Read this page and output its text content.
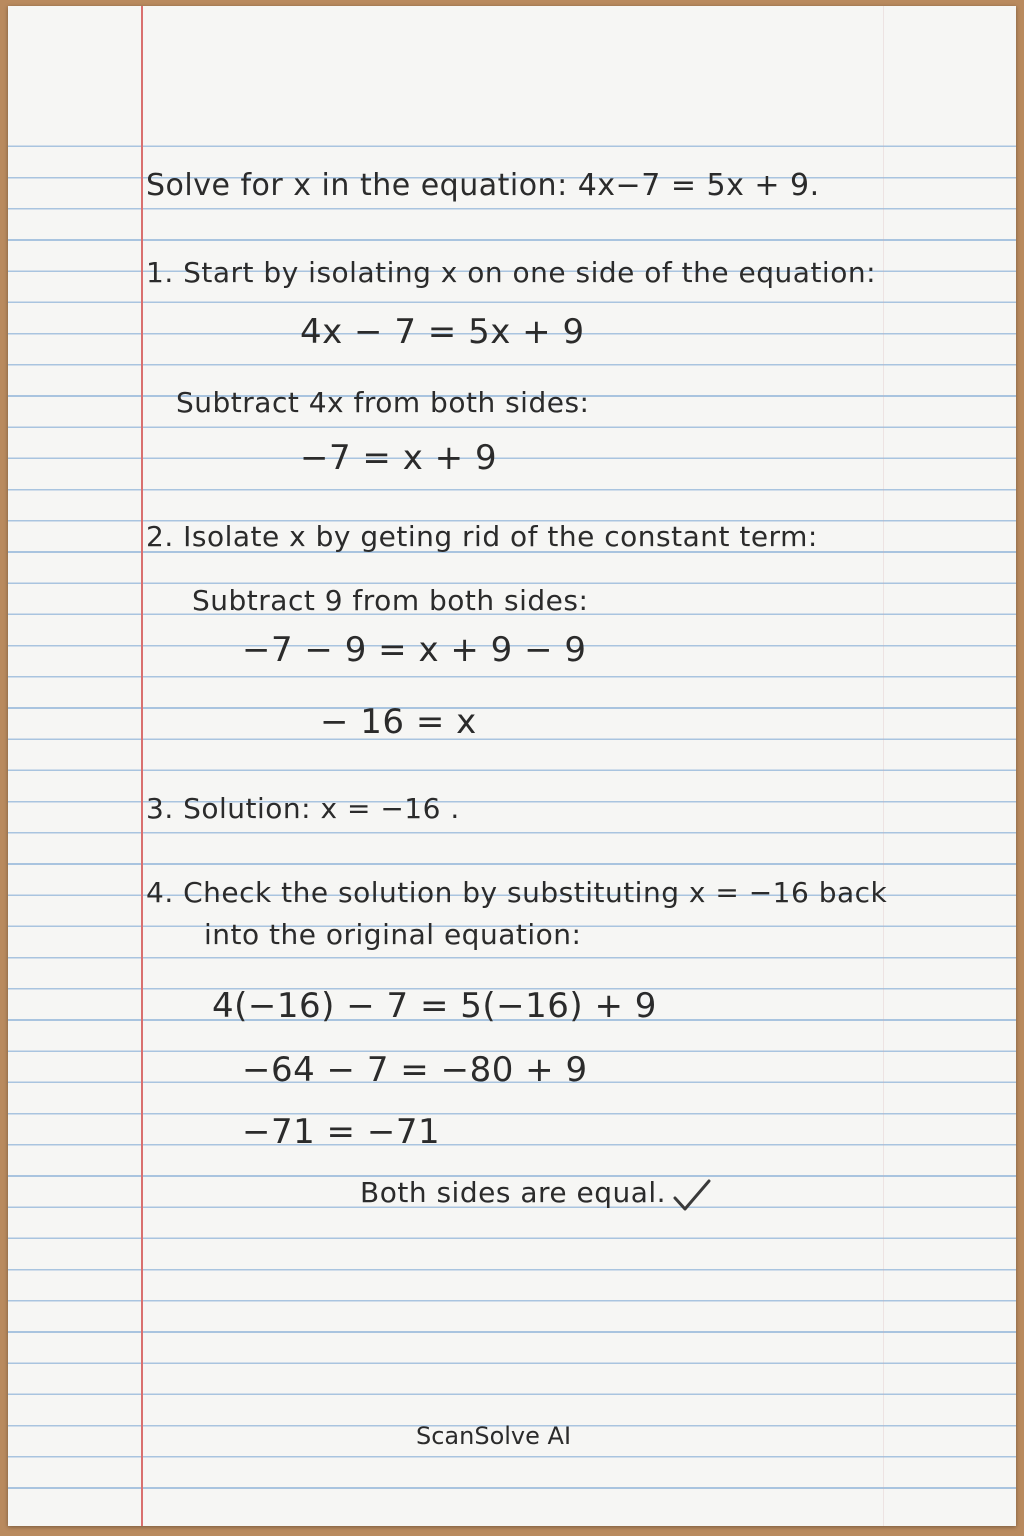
Solve for x in the equation: 4x−7 = 5x + 9.
1. Start by isolating x on one side of the equation:
4x − 7 = 5x + 9
Subtract 4x from both sides:
−7 = x + 9
2. Isolate x by geting rid of the constant term:
Subtract 9 from both sides:
−7 − 9 = x + 9 − 9
− 16 = x
3. Solution: x = −16 .
4. Check the solution by substituting x = −16 back
into the original equation:
4(−16) − 7 = 5(−16) + 9
−64 − 7 = −80 + 9
−71 = −71
Both sides are equal.
ScanSolve AI
